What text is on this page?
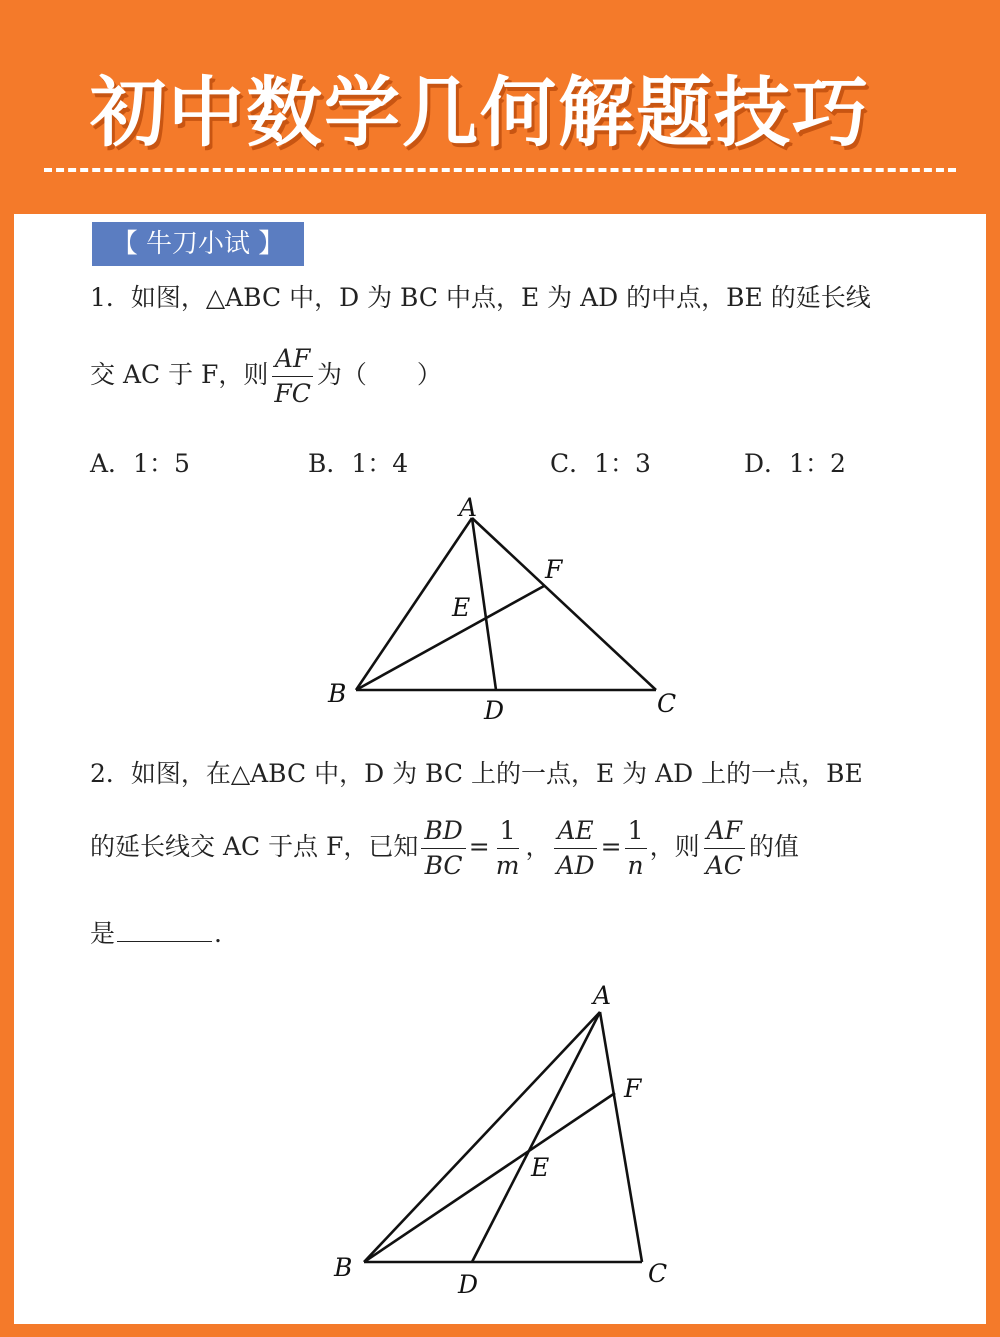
初中数学几何解题技巧
【 牛刀小试 】
1．如图，△ABC 中，D 为 BC 中点，E 为 AD 的中点，BE 的延长线
交 AC 于 F，则 $\frac{AF}{FC}$ 为（　　）
A．1：5	B．1：4	C．1：3	D．1：2
2．如图，在△ABC 中，D 为 BC 上的一点，E 为 AD 上的一点，BE
的延长线交 AC 于点 F，已知 $\frac{BD}{BC} = \frac{1}{m}$ ， $\frac{AE}{AD} = \frac{1}{n}$ ，则 $\frac{AF}{AC}$ 的值
是	.
A
B	C
D
E
F
A
B	C
D
E
F
